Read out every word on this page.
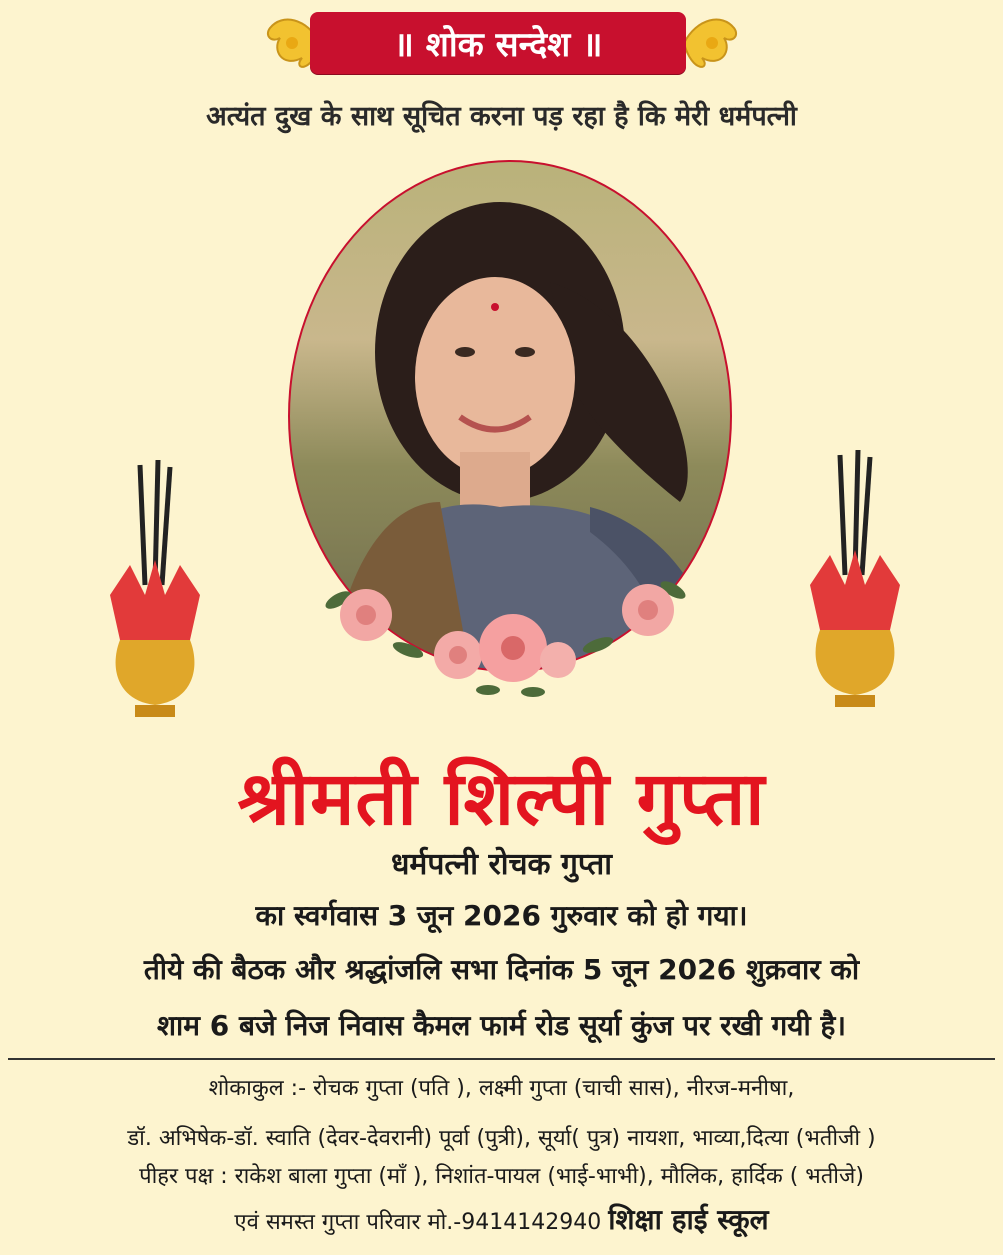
॥ शोक सन्देश ॥
अत्यंत दुख के साथ सूचित करना पड़ रहा है कि मेरी धर्मपत्नी
श्रीमती शिल्पी गुप्ता
धर्मपत्नी रोचक गुप्ता
का स्वर्गवास 3 जून 2026 गुरुवार को हो गया।
तीये की बैठक और श्रद्धांजलि सभा दिनांक 5 जून 2026 शुक्रवार को
शाम 6 बजे निज निवास कैमल फार्म रोड सूर्या कुंज पर रखी गयी है।
शोकाकुल :- रोचक गुप्ता (पति ), लक्ष्मी गुप्ता (चाची सास), नीरज-मनीषा,
डॉ. अभिषेक-डॉ. स्वाति (देवर-देवरानी) पूर्वा (पुत्री), सूर्या( पुत्र) नायशा, भाव्या,दित्या (भतीजी )
पीहर पक्ष : राकेश बाला गुप्ता (माँ ), निशांत-पायल (भाई-भाभी), मौलिक, हार्दिक ( भतीजे)
एवं समस्त गुप्ता परिवार मो.-9414142940 शिक्षा हाई स्कूल
